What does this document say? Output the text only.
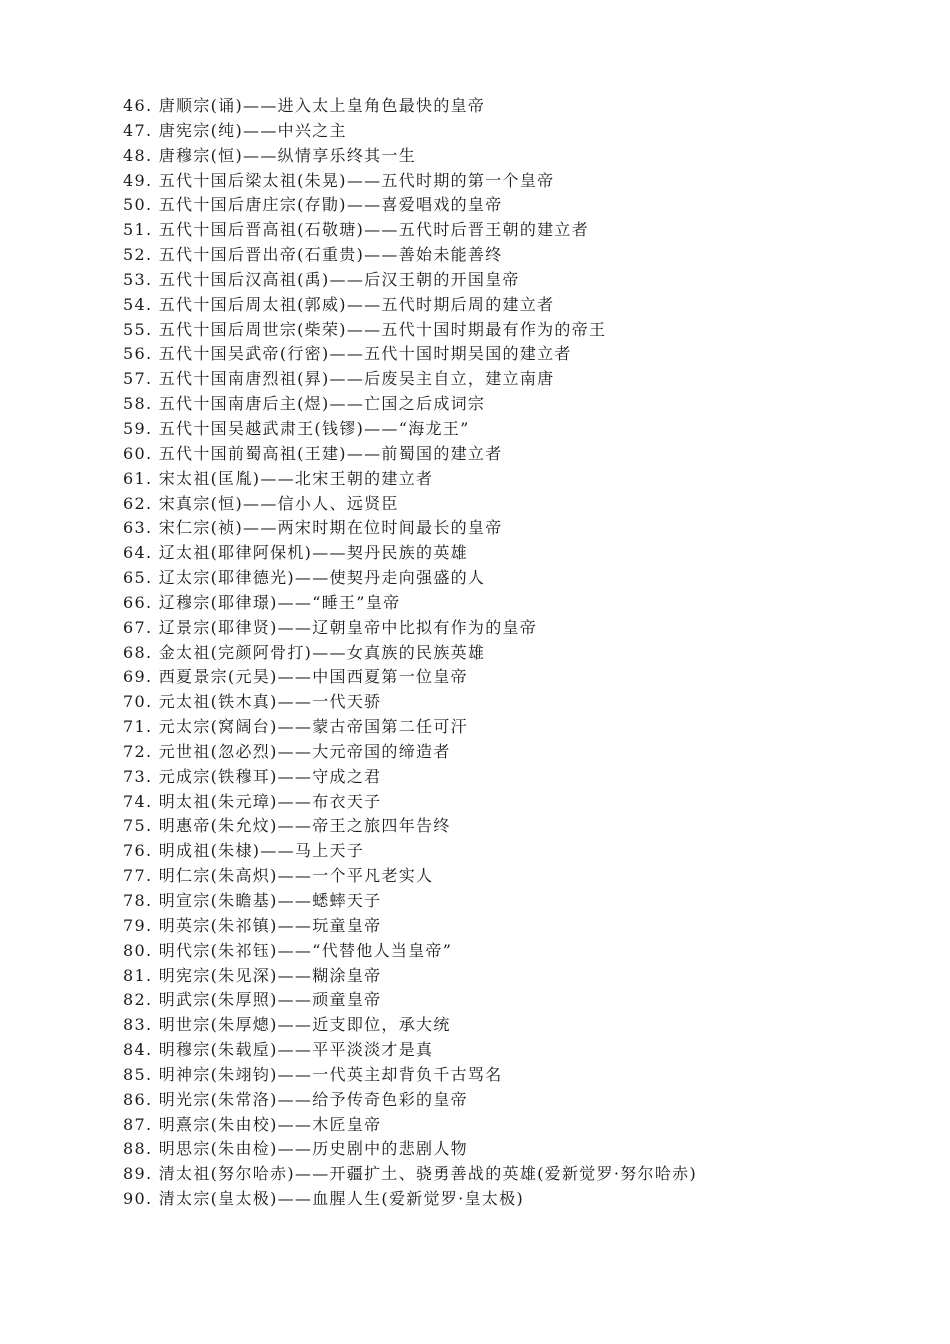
46. 唐顺宗(诵)——进入太上皇角色最快的皇帝
47. 唐宪宗(纯)——中兴之主
48. 唐穆宗(恒)——纵情享乐终其一生
49. 五代十国后梁太祖(朱晃)——五代时期的第一个皇帝
50. 五代十国后唐庄宗(存勖)——喜爱唱戏的皇帝
51. 五代十国后晋高祖(石敬瑭)——五代时后晋王朝的建立者
52. 五代十国后晋出帝(石重贵)——善始未能善终
53. 五代十国后汉高祖(禹)——后汉王朝的开国皇帝
54. 五代十国后周太祖(郭威)——五代时期后周的建立者
55. 五代十国后周世宗(柴荣)——五代十国时期最有作为的帝王
56. 五代十国吴武帝(行密)——五代十国时期吴国的建立者
57. 五代十国南唐烈祖(昪)——后废吴主自立，建立南唐
58. 五代十国南唐后主(煜)——亡国之后成词宗
59. 五代十国吴越武肃王(钱镠)——“海龙王”
60. 五代十国前蜀高祖(王建)——前蜀国的建立者
61. 宋太祖(匡胤)——北宋王朝的建立者
62. 宋真宗(恒)——信小人、远贤臣
63. 宋仁宗(祯)——两宋时期在位时间最长的皇帝
64. 辽太祖(耶律阿保机)——契丹民族的英雄
65. 辽太宗(耶律德光)——使契丹走向强盛的人
66. 辽穆宗(耶律璟)——“睡王”皇帝
67. 辽景宗(耶律贤)——辽朝皇帝中比拟有作为的皇帝
68. 金太祖(完颜阿骨打)——女真族的民族英雄
69. 西夏景宗(元昊)——中国西夏第一位皇帝
70. 元太祖(铁木真)——一代天骄
71. 元太宗(窝阔台)——蒙古帝国第二任可汗
72. 元世祖(忽必烈)——大元帝国的缔造者
73. 元成宗(铁穆耳)——守成之君
74. 明太祖(朱元璋)——布衣天子
75. 明惠帝(朱允炆)——帝王之旅四年告终
76. 明成祖(朱棣)——马上天子
77. 明仁宗(朱高炽)——一个平凡老实人
78. 明宣宗(朱瞻基)——蟋蟀天子
79. 明英宗(朱祁镇)——玩童皇帝
80. 明代宗(朱祁钰)——“代替他人当皇帝”
81. 明宪宗(朱见深)——糊涂皇帝
82. 明武宗(朱厚照)——顽童皇帝
83. 明世宗(朱厚熜)——近支即位，承大统
84. 明穆宗(朱载垕)——平平淡淡才是真
85. 明神宗(朱翊钧)——一代英主却背负千古骂名
86. 明光宗(朱常洛)——给予传奇色彩的皇帝
87. 明熹宗(朱由校)——木匠皇帝
88. 明思宗(朱由检)——历史剧中的悲剧人物
89. 清太祖(努尔哈赤)——开疆扩土、骁勇善战的英雄(爱新觉罗·努尔哈赤)
90. 清太宗(皇太极)——血腥人生(爱新觉罗·皇太极)
